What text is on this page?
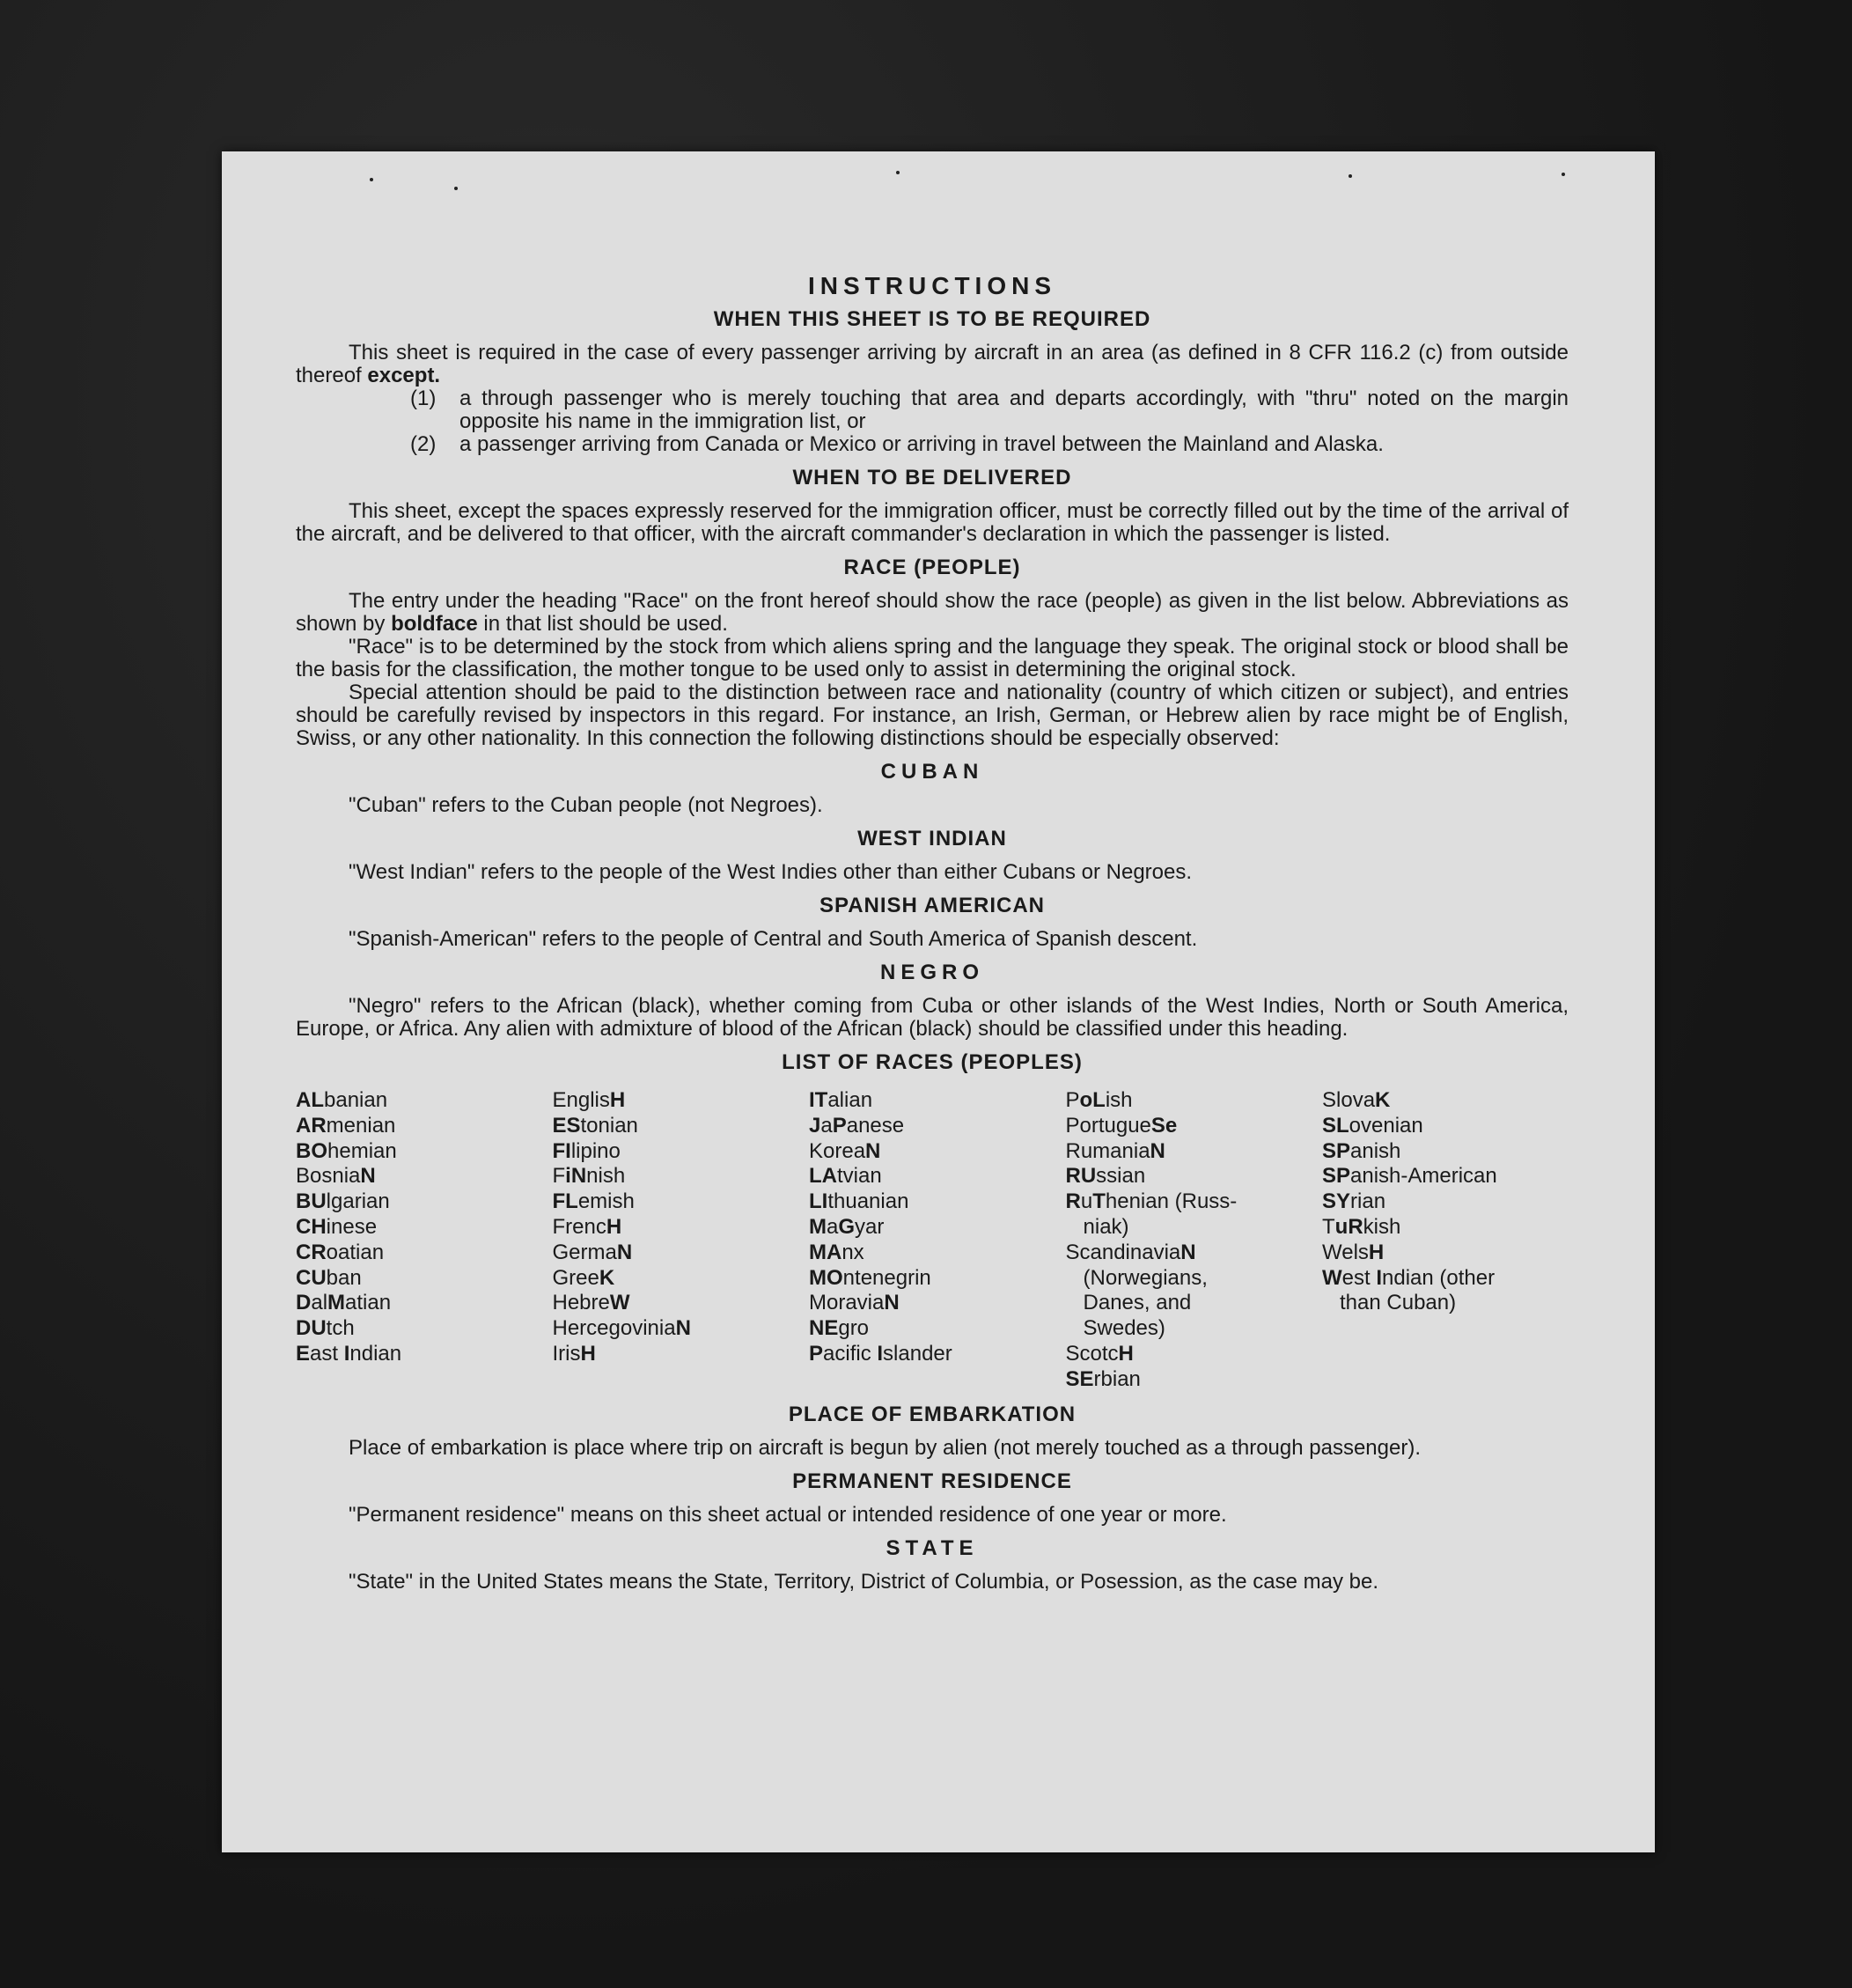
INSTRUCTIONS
WHEN THIS SHEET IS TO BE REQUIRED

This sheet is required in the case of every passenger arriving by aircraft in an area (as defined in 8 CFR 116.2 (c) from outside thereof except.

(1)	a through passenger who is merely touching that area and departs accordingly, with "thru" noted on the margin opposite his name in the immigration list, or
(2)	a passenger arriving from Canada or Mexico or arriving in travel between the Mainland and Alaska.
WHEN TO BE DELIVERED

This sheet, except the spaces expressly reserved for the immigration officer, must be correctly filled out by the time of the arrival of the aircraft, and be delivered to that officer, with the aircraft commander's declaration in which the passenger is listed.

RACE (PEOPLE)

The entry under the heading "Race" on the front hereof should show the race (people) as given in the list below. Abbreviations as shown by boldface in that list should be used.

"Race" is to be determined by the stock from which aliens spring and the language they speak. The original stock or blood shall be the basis for the classification, the mother tongue to be used only to assist in determining the original stock.

Special attention should be paid to the distinction between race and nationality (country of which citizen or subject), and entries should be carefully revised by inspectors in this regard. For instance, an Irish, German, or Hebrew alien by race might be of English, Swiss, or any other nationality. In this connection the following distinctions should be especially observed:

CUBAN

"Cuban" refers to the Cuban people (not Negroes).

WEST INDIAN

"West Indian" refers to the people of the West Indies other than either Cubans or Negroes.

SPANISH AMERICAN

"Spanish-American" refers to the people of Central and South America of Spanish descent.

NEGRO

"Negro" refers to the African (black), whether coming from Cuba or other islands of the West Indies, North or South America, Europe, or Africa. Any alien with admixture of blood of the African (black) should be classified under this heading.

LIST OF RACES (PEOPLES)
ALbanian
ARmenian
BOhemian
BosniaN
BUlgarian
CHinese
CRoatian
CUban
DalMatian
DUtch
East Indian
EnglisH
EStonian
FIlipino
FiNnish
FLemish
FrencH
GermaN
GreeK
HebreW
HercegoviniaN
IrisH
ITalian
JaPanese
KoreaN
LAtvian
LIthuanian
MaGyar
MAnx
MOntenegrin
MoraviaN
NEgro
Pacific Islander
PoLish
PortugueSe
RumaniaN
RUssian
RuThenian (Russ-
niak)
ScandinaviaN
(Norwegians,
Danes, and
Swedes)
ScotcH
SErbian
SlovaK
SLovenian
SPanish
SPanish-American
SYrian
TuRkish
WelsH
West Indian (other
than Cuban)
PLACE OF EMBARKATION

Place of embarkation is place where trip on aircraft is begun by alien (not merely touched as a through passenger).

PERMANENT RESIDENCE

"Permanent residence" means on this sheet actual or intended residence of one year or more.

STATE

"State" in the United States means the State, Territory, District of Columbia, or Posession, as the case may be.
